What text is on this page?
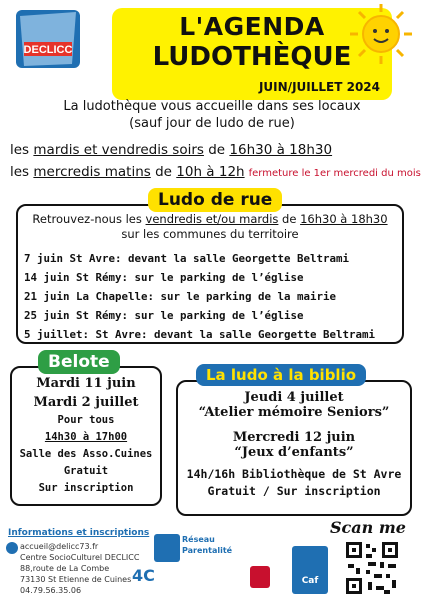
DECLICC
L'AGENDA
LUDOTHÈQUE
JUIN/JUILLET 2024
La ludothèque vous accueille dans ses locaux
(sauf jour de ludo de rue)
les mardis et vendredis soirs de 16h30 à 18h30
les mercredis matins de 10h à 12h fermeture le 1er mercredi du mois
Ludo de rue
Retrouvez-nous les vendredis et/ou mardis de 16h30 à 18h30
sur les communes du territoire
7 juin St Avre: devant la salle Georgette Beltrami
14 juin St Rémy: sur le parking de l’église
21 juin La Chapelle: sur le parking de la mairie
25 juin St Rémy: sur le parking de l’église
5 juillet: St Avre: devant la salle Georgette Beltrami
Belote
Mardi 11 juin
Mardi 2 juillet
Pour tous
14h30 à 17h00
Salle des Asso.Cuines
Gratuit
Sur inscription
La ludo à la biblio
Jeudi 4 juillet
“Atelier mémoire Seniors”
Mercredi 12 juin
“Jeux d’enfants”
14h/16h Bibliothèque de St Avre
Gratuit / Sur inscription
Informations et inscriptions
accueil@delicc73.fr
Centre SocioCulturel DECLICC
88,route de La Combe
73130 St Etienne de Cuines
04.79.56.35.06
Réseau Parentalité
4C	Caf
Scan me
